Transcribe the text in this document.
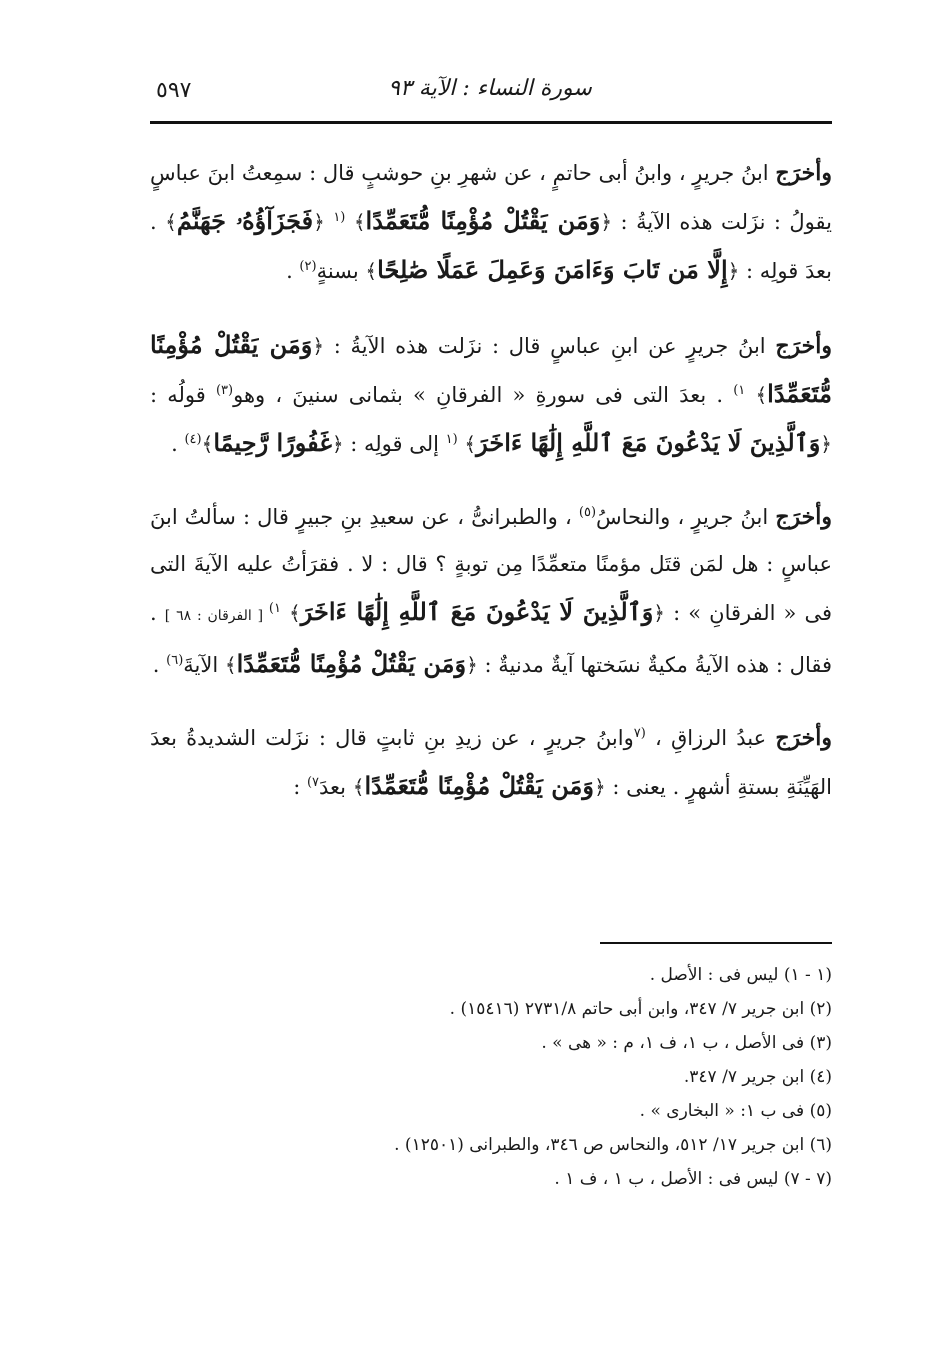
سورة النساء : الآية ٩٣
٥٩٧

وأخرَج ابنُ جريرٍ ، وابنُ أبى حاتمٍ ، عن شهرِ بنِ حوشبٍ قال : سمِعتُ ابنَ عباسٍ يقولُ : نزَلت هذه الآيةُ : ﴿وَمَن يَقْتُلْ مُؤْمِنًا مُّتَعَمِّدًا﴾ $^{(١}$ ﴿فَجَزَآؤُهُۥ جَهَنَّمُ﴾ . بعدَ قولِه : ﴿إِلَّا مَن تَابَ وَءَامَنَ وَعَمِلَ عَمَلًا صَٰلِحًا﴾ بسنةٍ$^{(٢)}$ .

وأخرَج ابنُ جريرٍ عن ابنِ عباسٍ قال : نزَلت هذه الآيةُ : ﴿وَمَن يَقْتُلْ مُؤْمِنًا مُّتَعَمِّدًا﴾ $^{١)}$ . بعدَ التى فى سورةِ « الفرقانِ » بثمانى سنينَ ، وهو$^{(٣)}$ قولُه : ﴿وَٱلَّذِينَ لَا يَدْعُونَ مَعَ ٱللَّهِ إِلَٰهًا ءَاخَرَ﴾ $^{(١}$ إلى قولِه : ﴿غَفُورًا رَّحِيمًا﴾$^{(٤)}$ .

وأخرَج ابنُ جريرٍ ، والنحاسُ$^{(٥)}$ ، والطبرانىُّ ، عن سعيدِ بنِ جبيرٍ قال : سألتُ ابنَ عباسٍ : هل لمَن قتَل مؤمنًا متعمِّدًا مِن توبةٍ ؟ قال : لا . فقرَأتُ عليه الآيةَ التى فى « الفرقانِ » : ﴿وَٱلَّذِينَ لَا يَدْعُونَ مَعَ ٱللَّهِ إِلَٰهًا ءَاخَرَ﴾ $^{١)}$ [ الفرقان : ٦٨ ] . فقال : هذه الآيةُ مكيةٌ نسَختها آيةٌ مدنيةٌ : ﴿وَمَن يَقْتُلْ مُؤْمِنًا مُّتَعَمِّدًا﴾ الآيةَ$^{(٦)}$ .

وأخرَج عبدُ الرزاقِ ، $^{(٧}$وابنُ جريرٍ ، عن زيدِ بنِ ثابتٍ قال : نزَلت الشديدةُ بعدَ الهَيِّنَةِ بستةِ أشهرٍ . يعنى : ﴿وَمَن يَقْتُلْ مُؤْمِنًا مُّتَعَمِّدًا﴾ بعدَ$^{٧)}$ :

(١ - ١) ليس فى : الأصل .

(٢) ابن جرير ٧/ ٣٤٧، وابن أبى حاتم ٢٧٣١/٨ (١٥٤١٦) .

(٣) فى الأصل ، ب ١، ف ١، م : « هى » .

(٤) ابن جرير ٧/ ٣٤٧.

(٥) فى ب ١: « البخارى » .

(٦) ابن جرير ١٧/ ٥١٢، والنحاس ص ٣٤٦، والطبرانى (١٢٥٠١) .

(٧ - ٧) ليس فى : الأصل ، ب ١ ، ف ١ .
